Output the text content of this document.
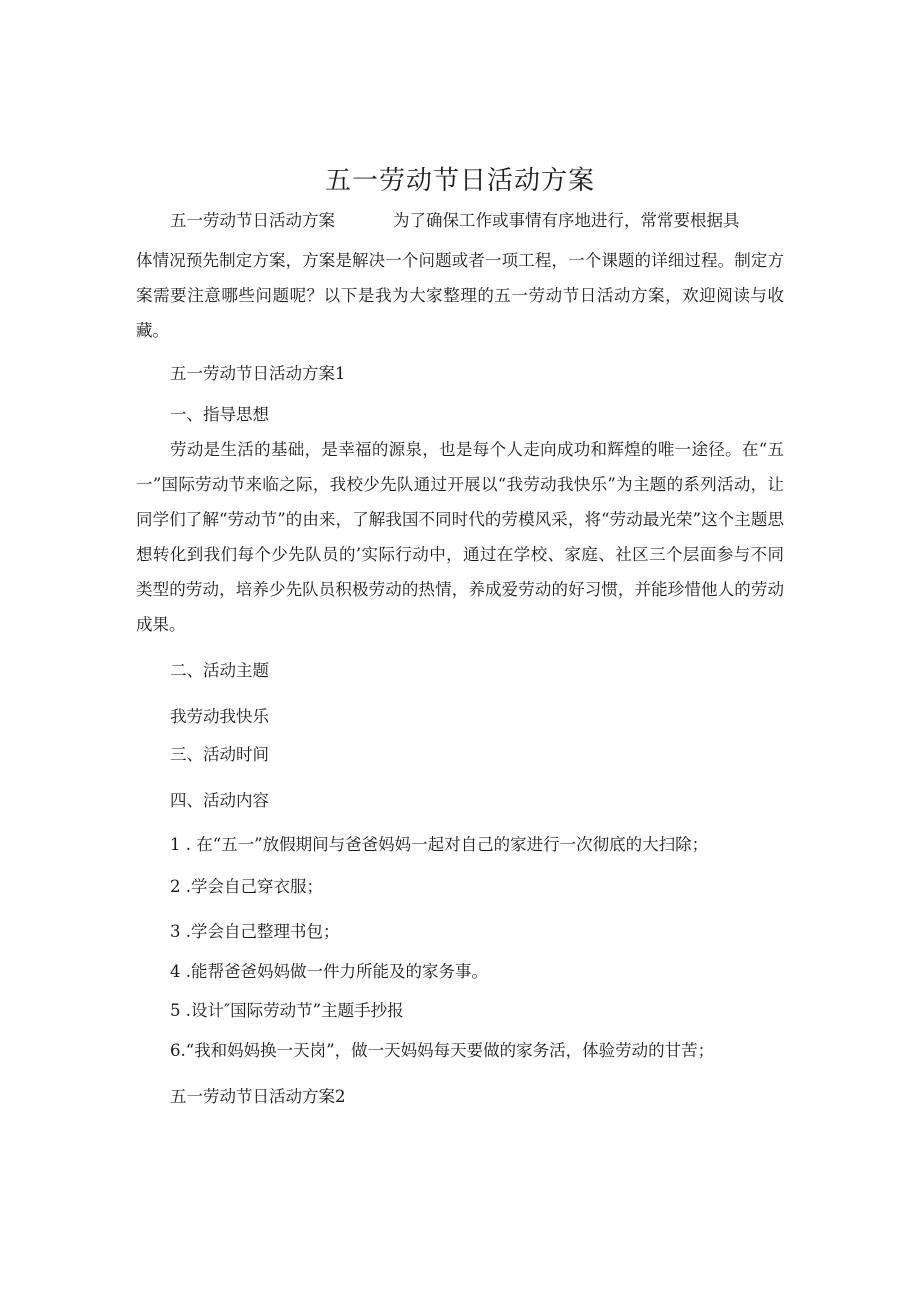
五一劳动节日活动方案
五一劳动节日活动方案	为了确保工作或事情有序地进行，常常要根据具
体情况预先制定方案，方案是解决一个问题或者一项工程，一个课题的详细过程。制定方案需要注意哪些问题呢？以下是我为大家整理的五一劳动节日活动方案，欢迎阅读与收藏。
五一劳动节日活动方案1
一、指导思想
劳动是生活的基础，是幸福的源泉，也是每个人走向成功和辉煌的唯一途径。在“五一”国际劳动节来临之际，我校少先队通过开展以“我劳动我快乐”为主题的系列活动，让同学们了解“劳动节”的由来，了解我国不同时代的劳模风采，将“劳动最光荣”这个主题思想转化到我们每个少先队员的’实际行动中，通过在学校、家庭、社区三个层面参与不同类型的劳动，培养少先队员积极劳动的热情，养成爱劳动的好习惯，并能珍惜他人的劳动成果。
二、活动主题
我劳动我快乐
三、活动时间
四、活动内容
1 . 在“五一”放假期间与爸爸妈妈一起对自己的家进行一次彻底的大扫除；
2 .学会自己穿衣服；
3 .学会自己整理书包；
4 .能帮爸爸妈妈做一件力所能及的家务事。
5 .设计″国际劳动节”主题手抄报
6.“我和妈妈换一天岗”，做一天妈妈每天要做的家务活，体验劳动的甘苦；
五一劳动节日活动方案2
